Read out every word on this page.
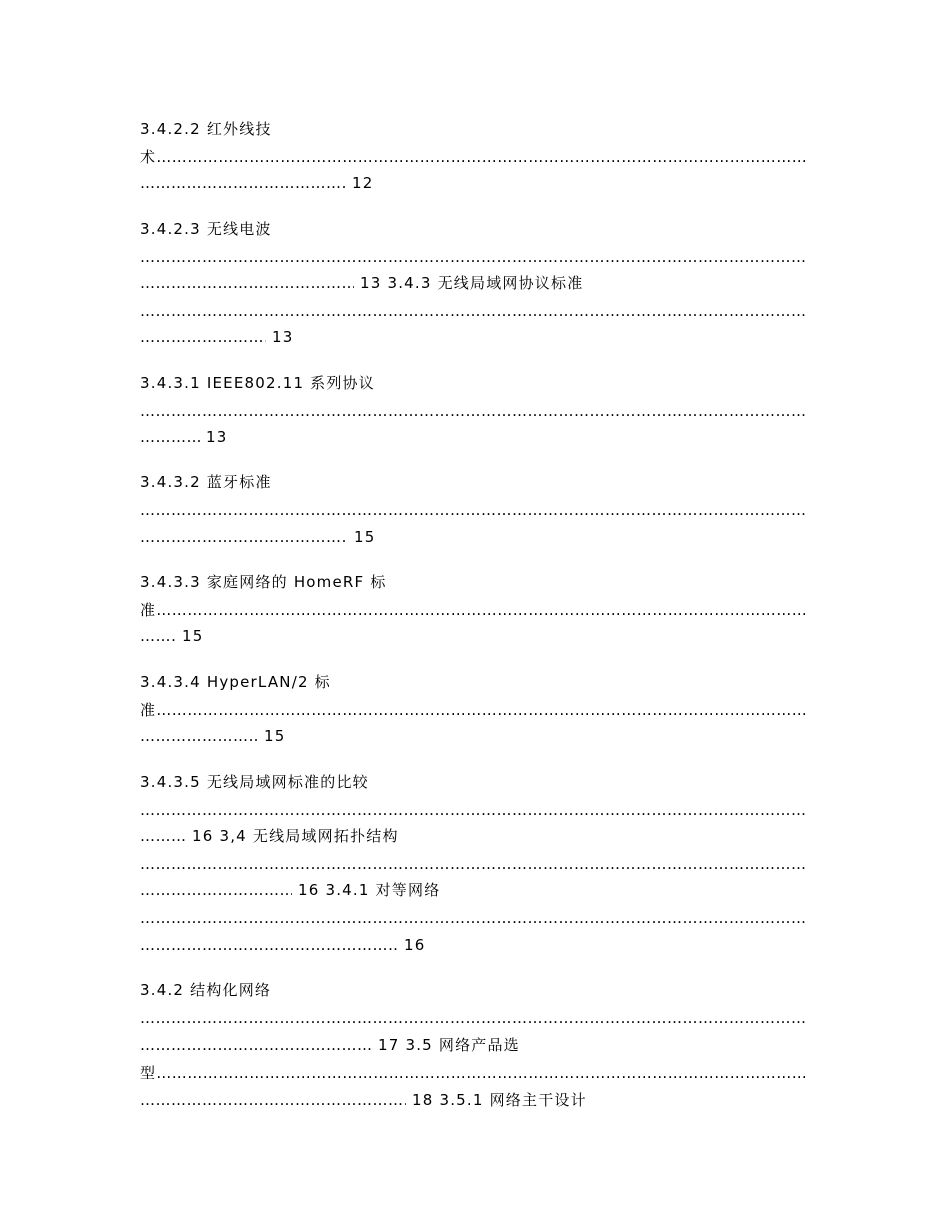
3.4.2.2 红外线技
术
………………………………………………………………………………………………………………………………………………………………………………………………………………
………………………………………………………………………………………………………………………………………………………………………………………………………………
12
3.4.2.3 无线电波
………………………………………………………………………………………………………………………………………………………………………………………………………………
………………………………………………………………………………………………………………………………………………………………………………………………………………
13 3.4.3 无线局域网协议标准
………………………………………………………………………………………………………………………………………………………………………………………………………………
………………………………………………………………………………………………………………………………………………………………………………………………………………
13
3.4.3.1 IEEE802.11 系列协议
………………………………………………………………………………………………………………………………………………………………………………………………………………
………………………………………………………………………………………………………………………………………………………………………………………………………………
13
3.4.3.2 蓝牙标准
………………………………………………………………………………………………………………………………………………………………………………………………………………
………………………………………………………………………………………………………………………………………………………………………………………………………………
15
3.4.3.3 家庭网络的 HomeRF 标
准
………………………………………………………………………………………………………………………………………………………………………………………………………………
………………………………………………………………………………………………………………………………………………………………………………………………………………
15
3.4.3.4 HyperLAN/2 标
准
………………………………………………………………………………………………………………………………………………………………………………………………………………
………………………………………………………………………………………………………………………………………………………………………………………………………………
15
3.4.3.5 无线局域网标准的比较
………………………………………………………………………………………………………………………………………………………………………………………………………………
………………………………………………………………………………………………………………………………………………………………………………………………………………
16 3,4 无线局域网拓扑结构
………………………………………………………………………………………………………………………………………………………………………………………………………………
………………………………………………………………………………………………………………………………………………………………………………………………………………
16 3.4.1 对等网络
………………………………………………………………………………………………………………………………………………………………………………………………………………
………………………………………………………………………………………………………………………………………………………………………………………………………………
16
3.4.2 结构化网络
………………………………………………………………………………………………………………………………………………………………………………………………………………
………………………………………………………………………………………………………………………………………………………………………………………………………………
17 3.5 网络产品选
型
………………………………………………………………………………………………………………………………………………………………………………………………………………
………………………………………………………………………………………………………………………………………………………………………………………………………………
18 3.5.1 网络主干设计
